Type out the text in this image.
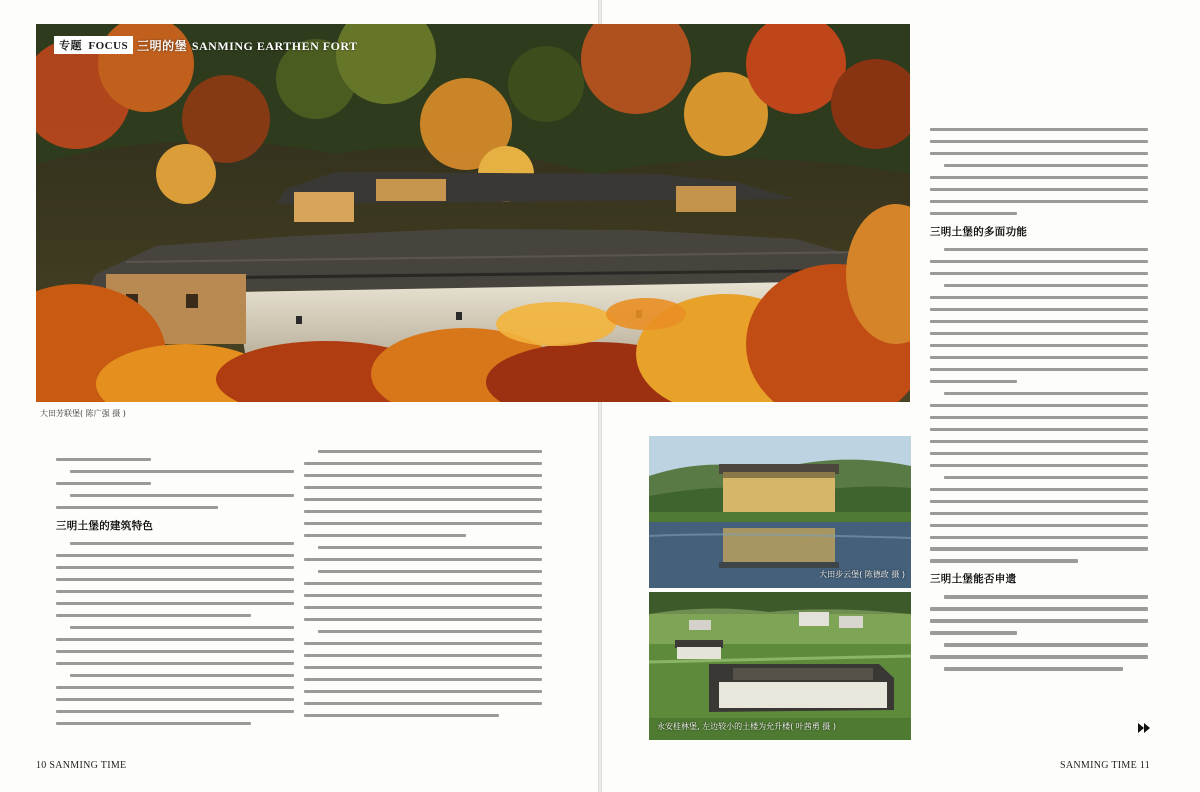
专题 FOCUS 三明的堡 SANMING EARTHEN FORT
大田芳联堡( 陈广强 摄 )
三明土堡的建筑特色
大田步云堡( 陈德政 摄 )
永安桂林堡, 左边较小的土楼为允升楼( 叶茜勇 摄 )
三明土堡的多面功能
三明土堡能否申遗
10 SANMING TIME	SANMING TIME 11
